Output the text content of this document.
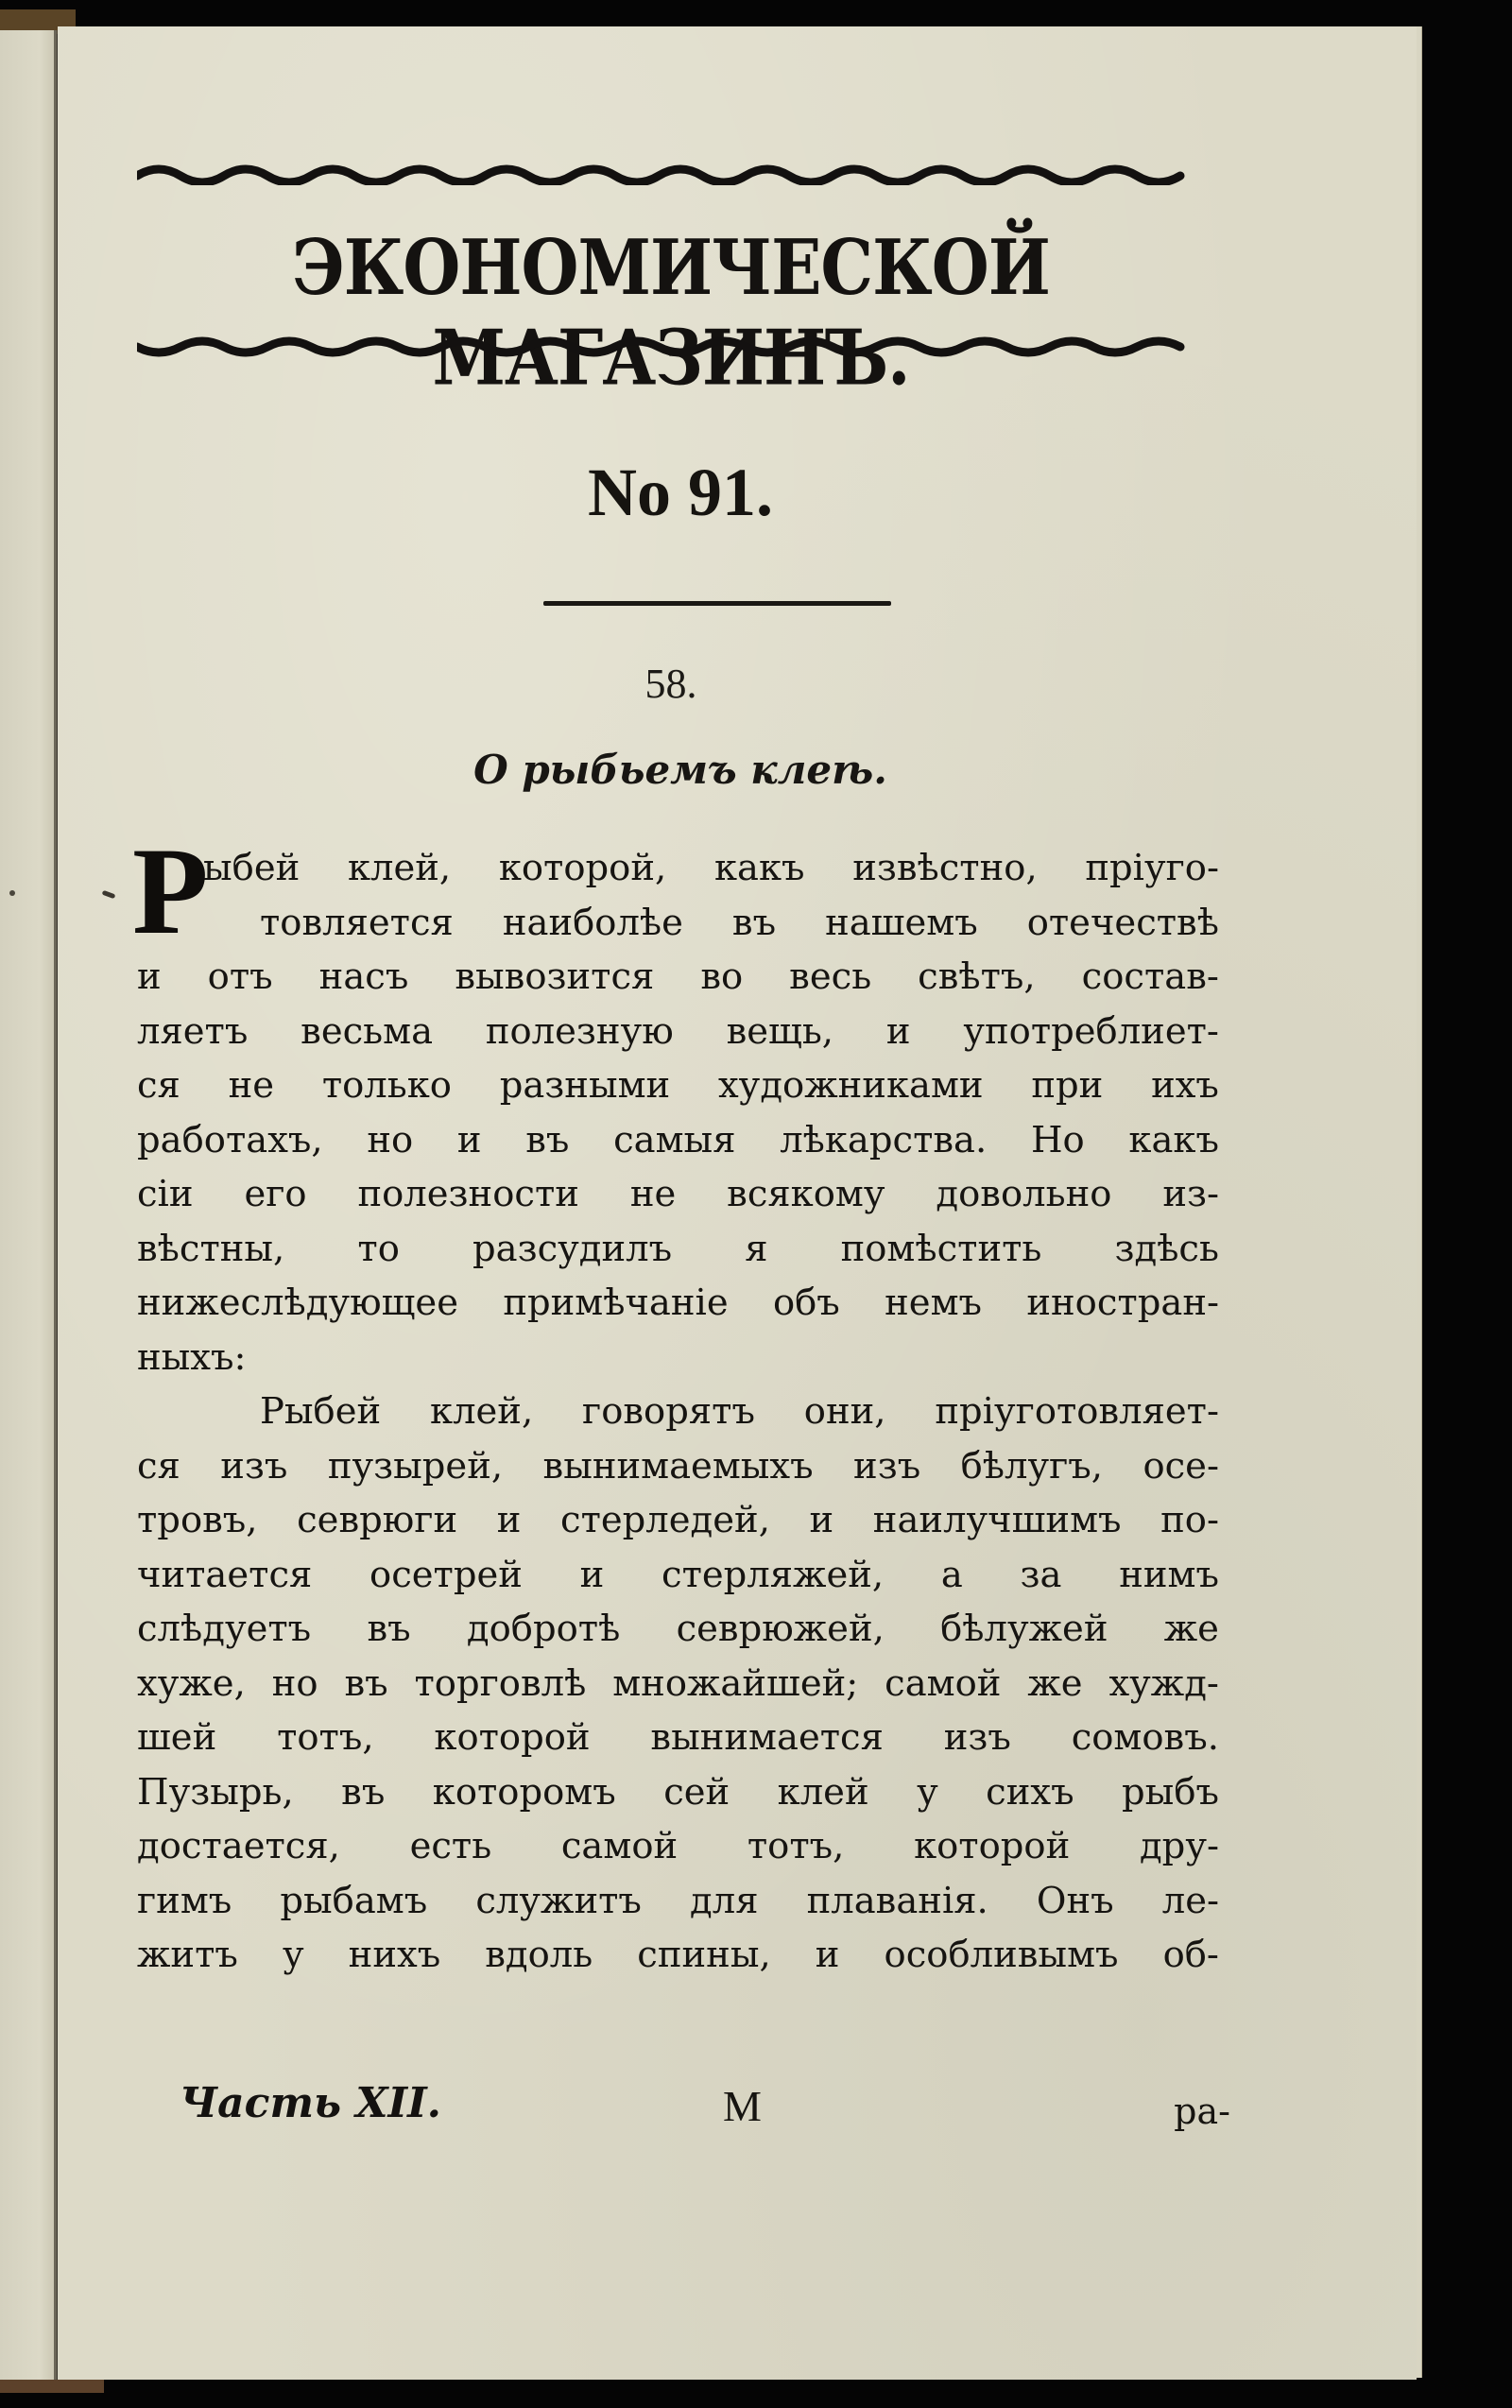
ЭКОНОМИЧЕСКОЙ МАГАЗИНЪ.
No 91.
58.
О рыбьемъ клеѣ.
Р
ыбей клей, которой, какъ извѣстно, пріуго-
товляется наиболѣе въ нашемъ отечествѣ
и отъ насъ вывозится во весь свѣтъ, состав-
ляетъ весьма полезную вещь, и употреблиет-
ся не только разными художниками при ихъ
работахъ, но и въ самыя лѣкарства. Но какъ
сіи его полезности не всякому довольно из-
вѣстны, то разсудилъ я помѣстить здѣсь
нижеслѣдующее примѣчаніе объ немъ иностран-
ныхъ:
Рыбей клей, говорятъ они, пріуготовляет-
ся изъ пузырей, вынимаемыхъ изъ бѣлугъ, осе-
тровъ, севрюги и стерледей, и наилучшимъ по-
читается осетрей и стерляжей, а за нимъ
слѣдуетъ въ добротѣ севрюжей, бѣлужей же
хуже, но въ торговлѣ множайшей; самой же хужд-
шей тотъ, которой вынимается изъ сомовъ.
Пузырь, въ которомъ сей клей у сихъ рыбъ
достается, есть самой тотъ, которой дру-
гимъ рыбамъ служитъ для плаванія. Онъ ле-
житъ у нихъ вдоль спины, и особливымъ об-
Часть XII.	М	ра-
